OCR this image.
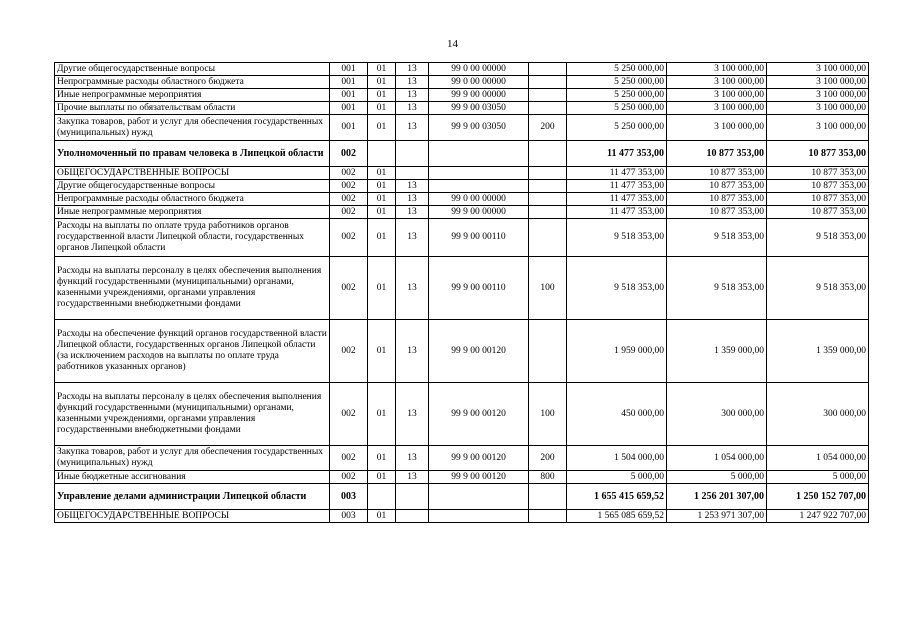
14
Другие общегосударственные вопросы	001	01	13	99 0 00 00000		5 250 000,00	3 100 000,00	3 100 000,00
Непрограммные расходы областного бюджета	001	01	13	99 0 00 00000		5 250 000,00	3 100 000,00	3 100 000,00
Иные непрограммные мероприятия	001	01	13	99 9 00 00000		5 250 000,00	3 100 000,00	3 100 000,00
Прочие выплаты по обязательствам области	001	01	13	99 9 00 03050		5 250 000,00	3 100 000,00	3 100 000,00
Закупка товаров, работ и услуг для обеспечения государственных (муниципальных) нужд	001	01	13	99 9 00 03050	200	5 250 000,00	3 100 000,00	3 100 000,00
Уполномоченный по правам человека в Липецкой области	002					11 477 353,00	10 877 353,00	10 877 353,00
ОБЩЕГОСУДАРСТВЕННЫЕ ВОПРОСЫ	002	01				11 477 353,00	10 877 353,00	10 877 353,00
Другие общегосударственные вопросы	002	01	13			11 477 353,00	10 877 353,00	10 877 353,00
Непрограммные расходы областного бюджета	002	01	13	99 0 00 00000		11 477 353,00	10 877 353,00	10 877 353,00
Иные непрограммные мероприятия	002	01	13	99 9 00 00000		11 477 353,00	10 877 353,00	10 877 353,00
Расходы на выплаты по оплате труда работников органов государственной власти Липецкой области, государственных органов Липецкой области	002	01	13	99 9 00 00110		9 518 353,00	9 518 353,00	9 518 353,00
Расходы на выплаты персоналу в целях обеспечения выполнения функций государственными (муниципальными) органами, казенными учреждениями, органами управления государственными внебюджетными фондами	002	01	13	99 9 00 00110	100	9 518 353,00	9 518 353,00	9 518 353,00
Расходы на обеспечение функций органов государственной власти Липецкой области, государственных органов Липецкой области (за исключением расходов на выплаты по оплате труда работников указанных органов)	002	01	13	99 9 00 00120		1 959 000,00	1 359 000,00	1 359 000,00
Расходы на выплаты персоналу в целях обеспечения выполнения функций государственными (муниципальными) органами, казенными учреждениями, органами управления государственными внебюджетными фондами	002	01	13	99 9 00 00120	100	450 000,00	300 000,00	300 000,00
Закупка товаров, работ и услуг для обеспечения государственных (муниципальных) нужд	002	01	13	99 9 00 00120	200	1 504 000,00	1 054 000,00	1 054 000,00
Иные бюджетные ассигнования	002	01	13	99 9 00 00120	800	5 000,00	5 000,00	5 000,00
Управление делами администрации Липецкой области	003					1 655 415 659,52	1 256 201 307,00	1 250 152 707,00
ОБЩЕГОСУДАРСТВЕННЫЕ ВОПРОСЫ	003	01				1 565 085 659,52	1 253 971 307,00	1 247 922 707,00
